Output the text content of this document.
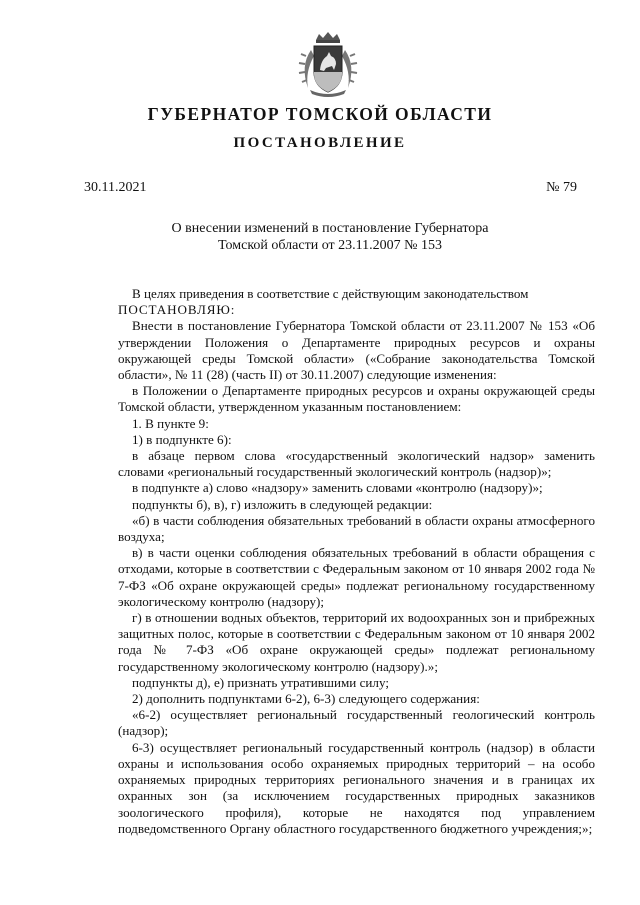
ГУБЕРНАТОР ТОМСКОЙ ОБЛАСТИ
ПОСТАНОВЛЕНИЕ
30.11.2021	№ 79
О внесении изменений в постановление Губернатора
Томской области от 23.11.2007 № 153

В целях приведения в соответствие с действующим законодательством

ПОСТАНОВЛЯЮ:

Внести в постановление Губернатора Томской области от 23.11.2007 № 153 «Об утверждении Положения о Департаменте природных ресурсов и охраны окружающей среды Томской области» («Собрание законодательства Томской области», № 11 (28) (часть II) от 30.11.2007) следующие изменения:

в Положении о Департаменте природных ресурсов и охраны окружающей среды Томской области, утвержденном указанным постановлением:

1. В пункте 9:

1) в подпункте 6):

в абзаце первом слова «государственный экологический надзор» заменить словами «региональный государственный экологический контроль (надзор)»;

в подпункте а) слово «надзору» заменить словами «контролю (надзору)»;

подпункты б), в), г) изложить в следующей редакции:

«б) в части соблюдения обязательных требований в области охраны атмосферного воздуха;

в) в части оценки соблюдения обязательных требований в области обращения с отходами, которые в соответствии с Федеральным законом от 10 января 2002 года № 7-ФЗ «Об охране окружающей среды» подлежат региональному государственному экологическому контролю (надзору);

г) в отношении водных объектов, территорий их водоохранных зон и прибрежных защитных полос, которые в соответствии с Федеральным законом от 10 января 2002 года № 7-ФЗ «Об охране окружающей среды» подлежат региональному государственному экологическому контролю (надзору).»;

подпункты д), е) признать утратившими силу;

2) дополнить подпунктами 6-2), 6-3) следующего содержания:

«6-2) осуществляет региональный государственный геологический контроль (надзор);

6-3) осуществляет региональный государственный контроль (надзор) в области охраны и использования особо охраняемых природных территорий – на особо охраняемых природных территориях регионального значения и в границах их охранных зон (за исключением государственных природных заказников зоологического профиля), которые не находятся под управлением подведомственного Органу областного государственного бюджетного учреждения;»;
